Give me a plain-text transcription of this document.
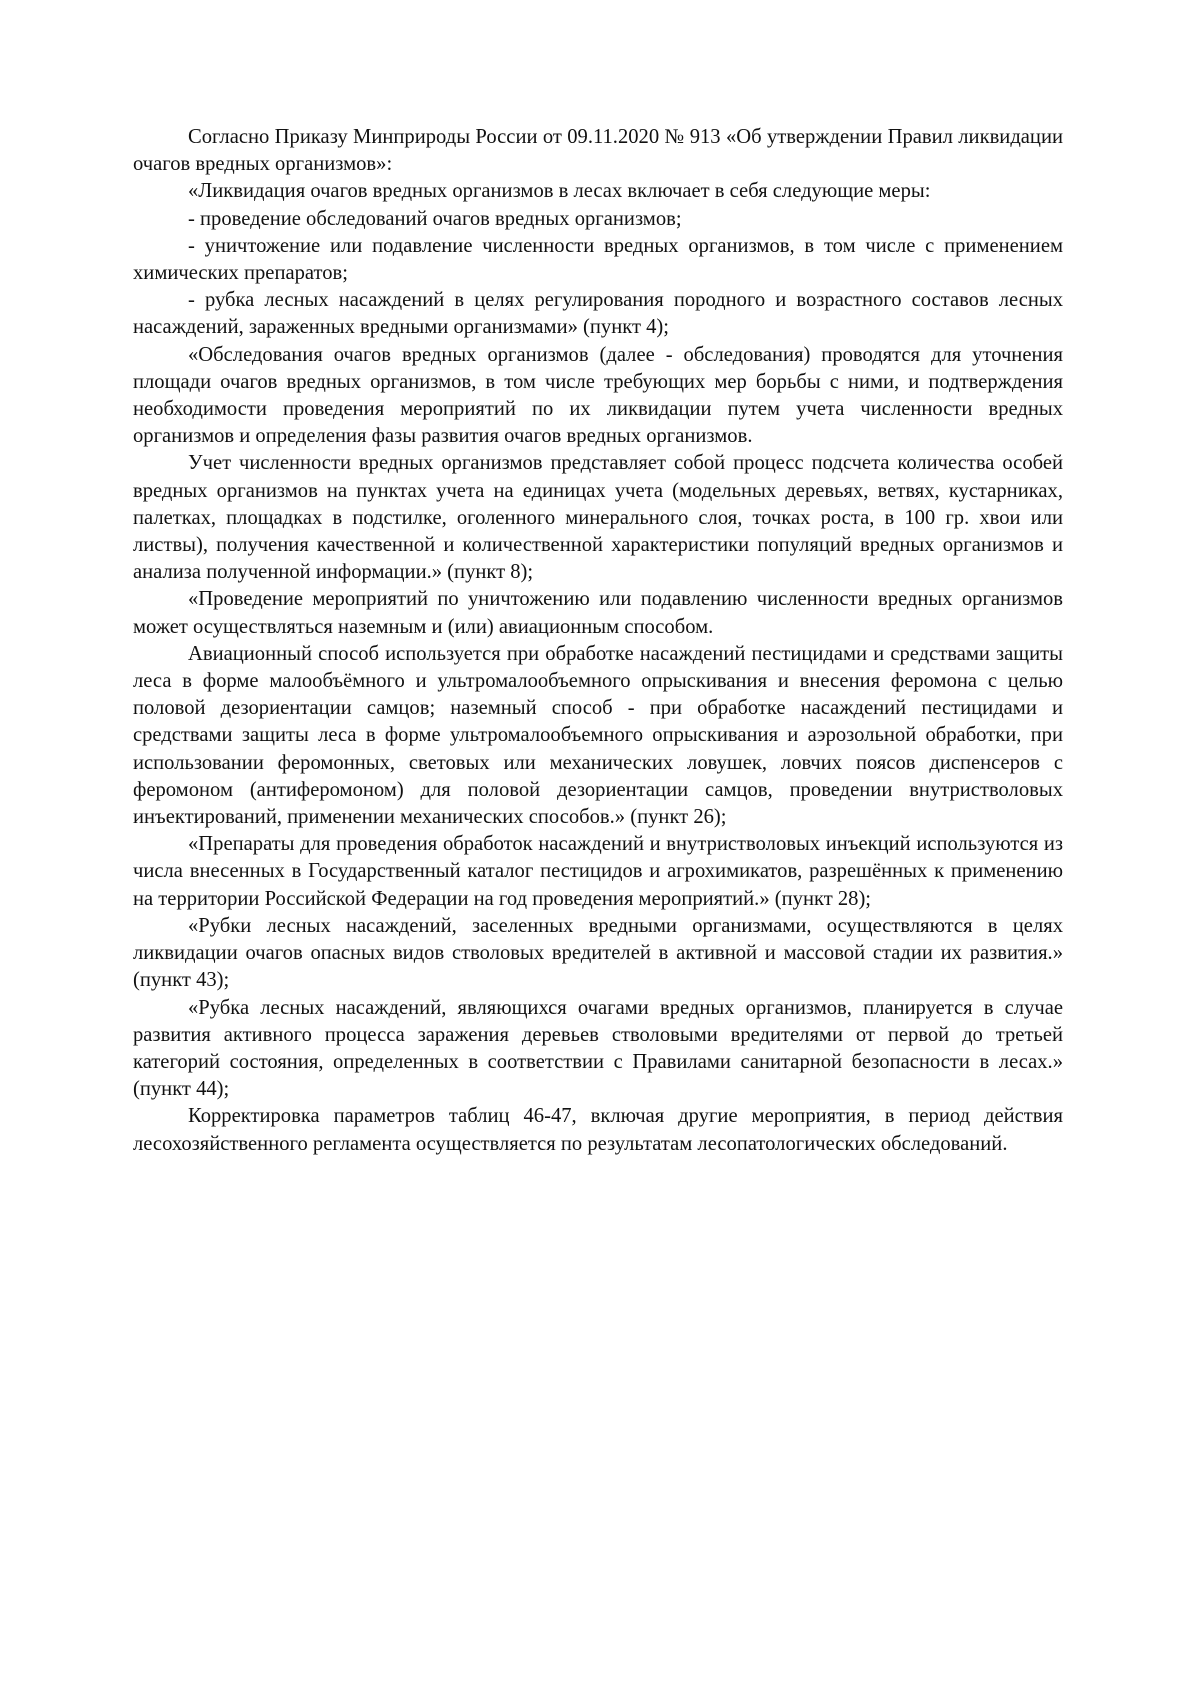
Согласно Приказу Минприроды России от 09.11.2020 № 913 «Об утверждении Правил ликвидации очагов вредных организмов»:

«Ликвидация очагов вредных организмов в лесах включает в себя следующие меры:

- проведение обследований очагов вредных организмов;

- уничтожение или подавление численности вредных организмов, в том числе с применением химических препаратов;

- рубка лесных насаждений в целях регулирования породного и возрастного составов лесных насаждений, зараженных вредными организмами» (пункт 4);

«Обследования очагов вредных организмов (далее - обследования) проводятся для уточнения площади очагов вредных организмов, в том числе требующих мер борьбы с ними, и подтверждения необходимости проведения мероприятий по их ликвидации путем учета численности вредных организмов и определения фазы развития очагов вредных организмов.

Учет численности вредных организмов представляет собой процесс подсчета количества особей вредных организмов на пунктах учета на единицах учета (модельных деревьях, ветвях, кустарниках, палетках, площадках в подстилке, оголенного минерального слоя, точках роста, в 100 гр. хвои или листвы), получения качественной и количественной характеристики популяций вредных организмов и анализа полученной информации.» (пункт 8);

«Проведение мероприятий по уничтожению или подавлению численности вредных организмов может осуществляться наземным и (или) авиационным способом.

Авиационный способ используется при обработке насаждений пестицидами и средствами защиты леса в форме малообъёмного и ультромалообъемного опрыскивания и внесения феромона с целью половой дезориентации самцов; наземный способ - при обработке насаждений пестицидами и средствами защиты леса в форме ультромалообъемного опрыскивания и аэрозольной обработки, при использовании феромонных, световых или механических ловушек, ловчих поясов диспенсеров с феромоном (антиферомоном) для половой дезориентации самцов, проведении внутристволовых инъектирований, применении механических способов.» (пункт 26);

«Препараты для проведения обработок насаждений и внутристволовых инъекций используются из числа внесенных в Государственный каталог пестицидов и агрохимикатов, разрешённых к применению на территории Российской Федерации на год проведения мероприятий.» (пункт 28);

«Рубки лесных насаждений, заселенных вредными организмами, осуществляются в целях ликвидации очагов опасных видов стволовых вредителей в активной и массовой стадии их развития.» (пункт 43);

«Рубка лесных насаждений, являющихся очагами вредных организмов, планируется в случае развития активного процесса заражения деревьев стволовыми вредителями от первой до третьей категорий состояния, определенных в соответствии с Правилами санитарной безопасности в лесах.» (пункт 44);

Корректировка параметров таблиц 46-47, включая другие мероприятия, в период действия лесохозяйственного регламента осуществляется по результатам лесопатологических обследований.
